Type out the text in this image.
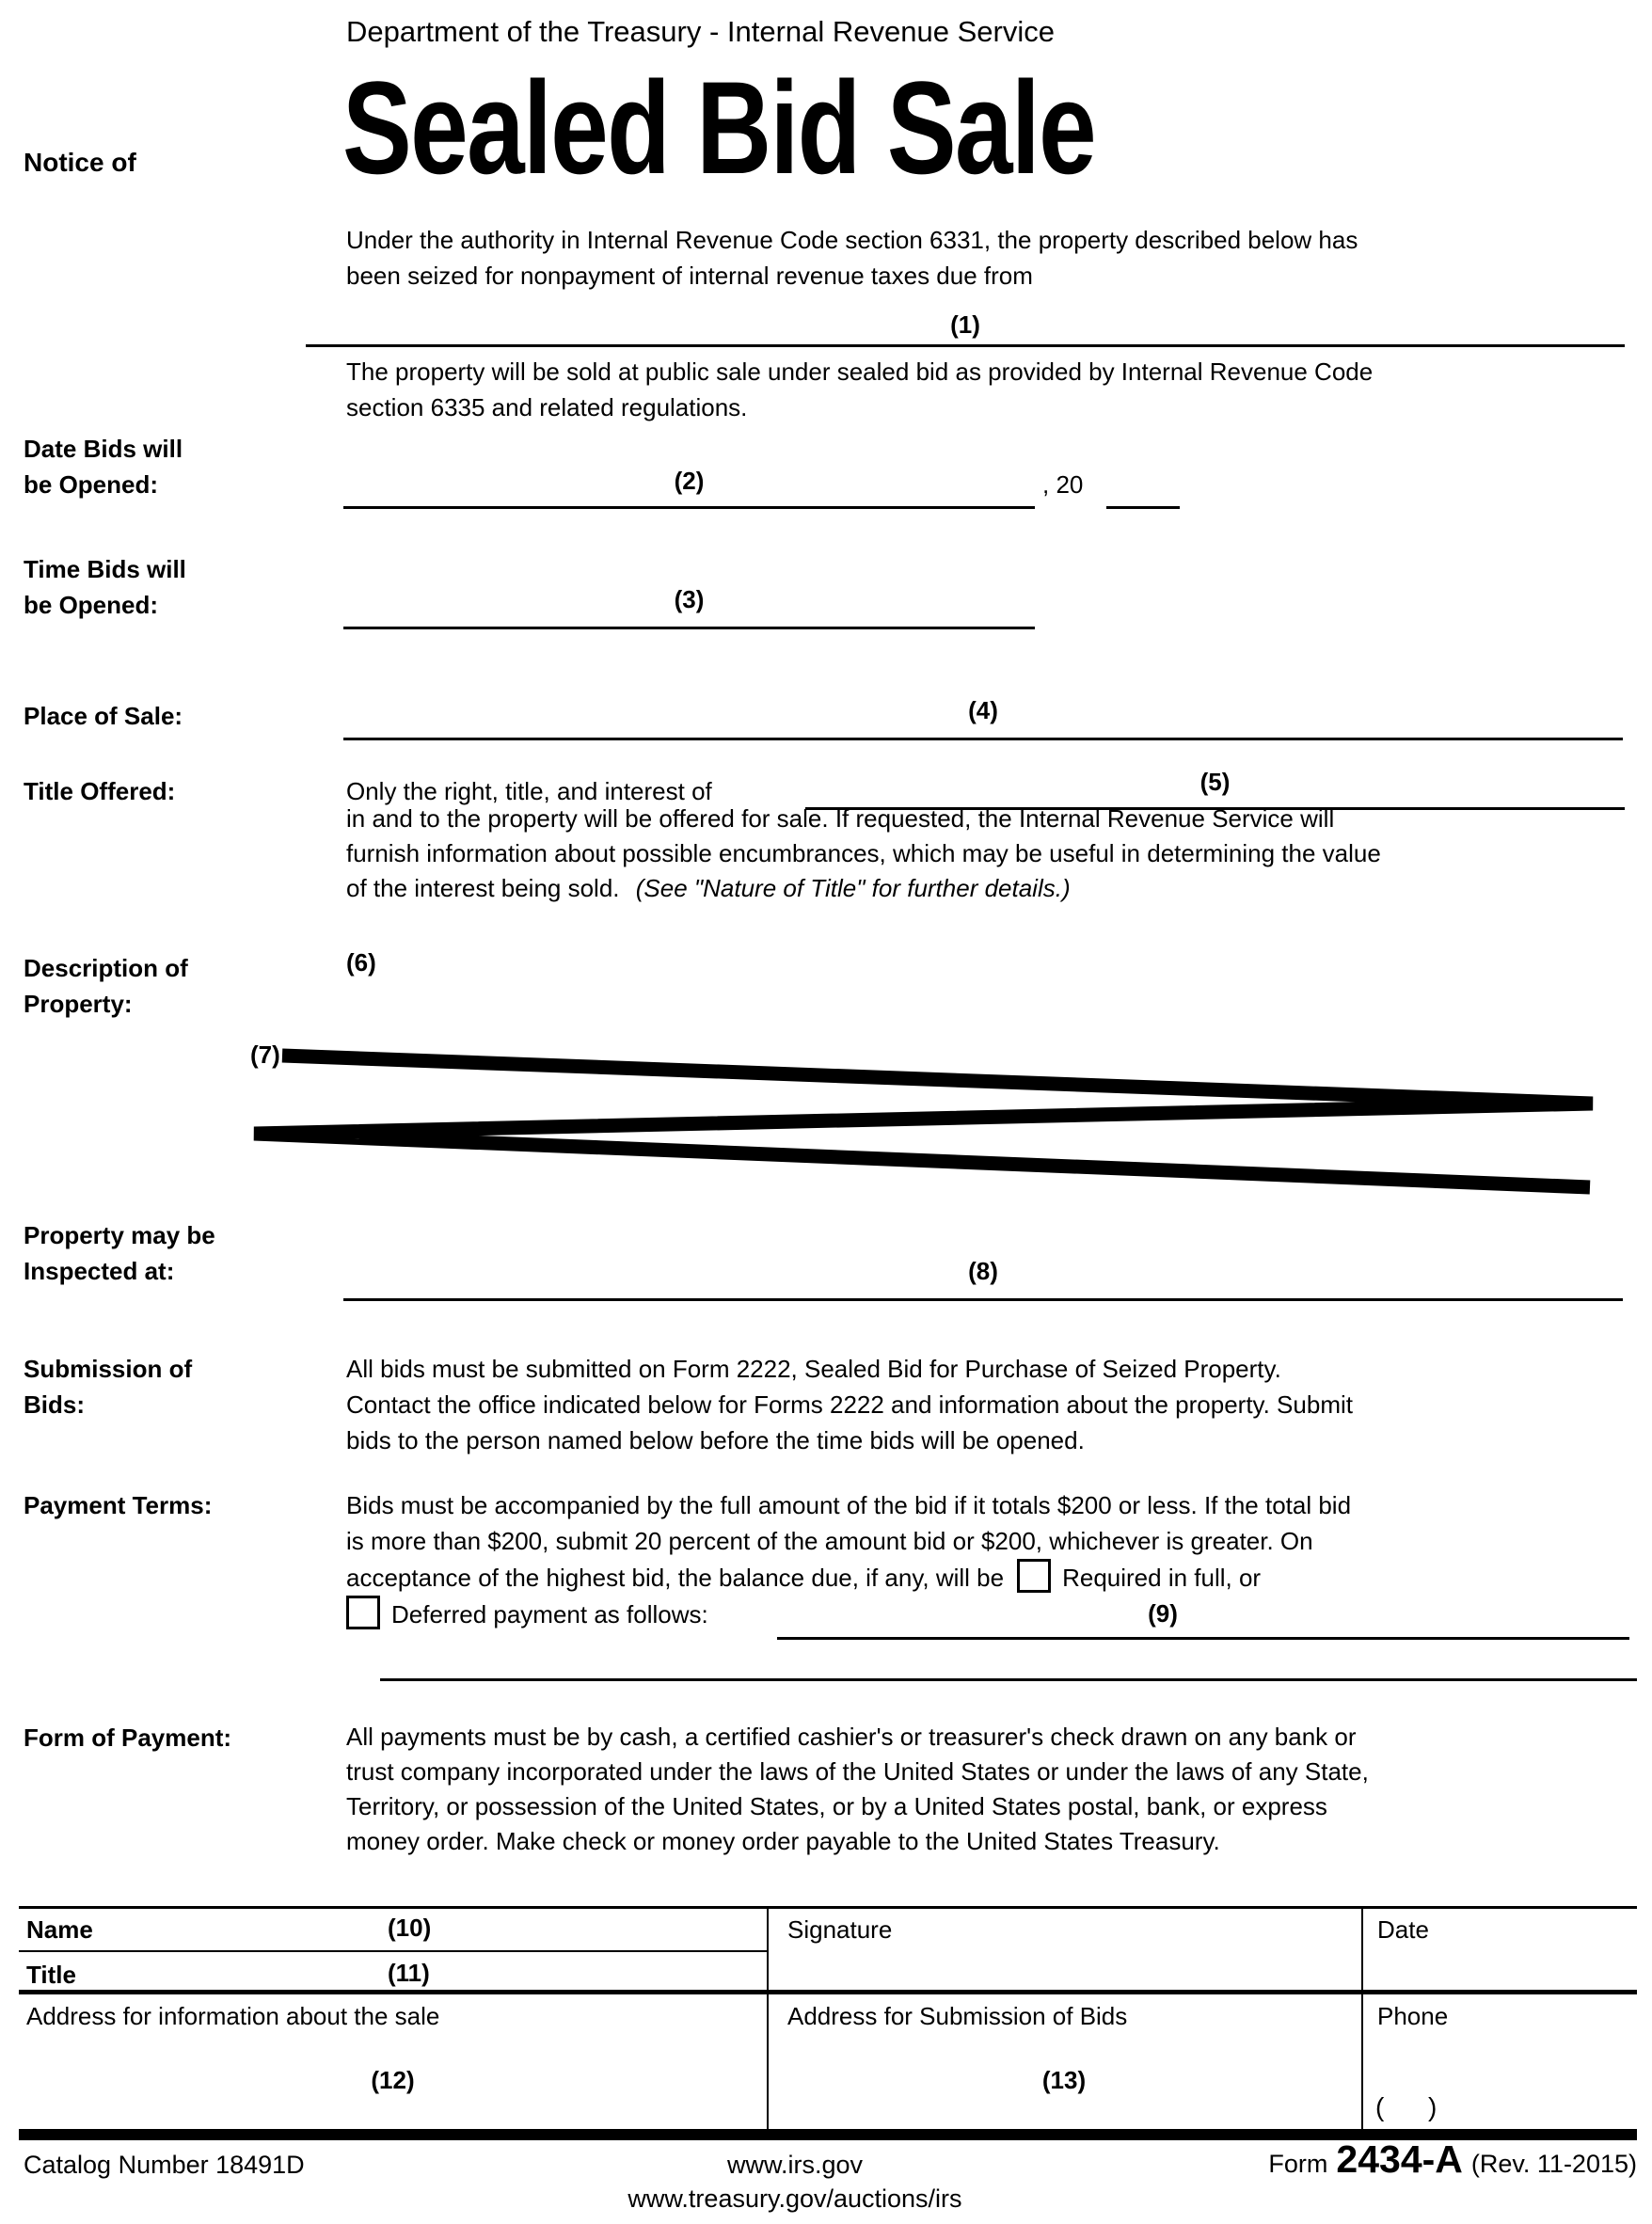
Department of the Treasury - Internal Revenue Service
Notice of Sealed Bid Sale
Under the authority in Internal Revenue Code section 6331, the property described below has
been seized for nonpayment of internal revenue taxes due from
(1)
The property will be sold at public sale under sealed bid as provided by Internal Revenue Code
section 6335 and related regulations.
Date Bids will
be Opened:	(2)	, 20
Time Bids will
be Opened:	(3)
Place of Sale:	(4)
Title Offered:	Only the right, title, and interest of	(5)
in and to the property will be offered for sale. If requested, the Internal Revenue Service will
furnish information about possible encumbrances, which may be useful in determining the value
of the interest being sold. (See "Nature of Title" for further details.)
Description of
Property:
(6)
(7)
Property may be
Inspected at:	(8)
Submission of
Bids:
All bids must be submitted on Form 2222, Sealed Bid for Purchase of Seized Property.
Contact the office indicated below for Forms 2222 and information about the property. Submit
bids to the person named below before the time bids will be opened.
Payment Terms:	Bids must be accompanied by the full amount of the bid if it totals $200 or less. If the total bid
is more than $200, submit 20 percent of the amount bid or $200, whichever is greater. On
acceptance of the highest bid, the balance due, if any, will be Required in full, or
Deferred payment as follows:	(9)
Form of Payment:	All payments must be by cash, a certified cashier's or treasurer's check drawn on any bank or
trust company incorporated under the laws of the United States or under the laws of any State,
Territory, or possession of the United States, or by a United States postal, bank, or express
money order. Make check or money order payable to the United States Treasury.
Name	(10)
Title	(11)
Signature	Date
Address for information about the sale	Address for Submission of Bids	Phone
(12)	(13)
(      )
Catalog Number 18491D	www.irs.gov
www.treasury.gov/auctions/irs
Form 2434-A (Rev. 11-2015)
